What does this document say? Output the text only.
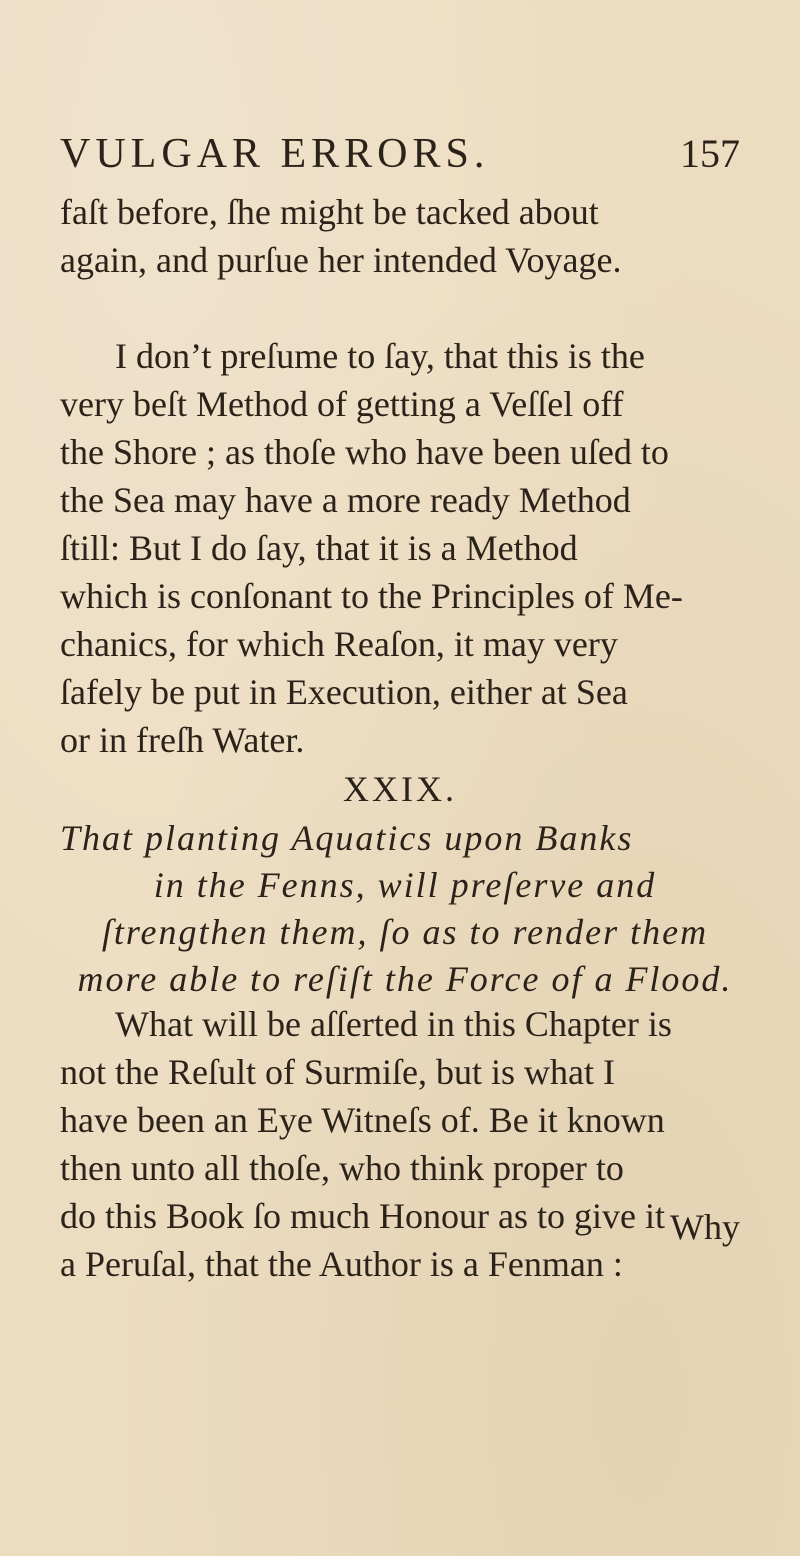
VULGAR ERRORS.	157

faſt before, ſhe might be tacked about
again, and purſue her intended Voyage.

I don’t preſume to ſay, that this is the
very beſt Method of getting a Veſſel off
the Shore ; as thoſe who have been uſed to
the Sea may have a more ready Method
ſtill: But I do ſay, that it is a Method
which is conſonant to the Principles of Me-
chanics, for which Reaſon, it may very
ſafely be put in Execution, either at Sea
or in freſh Water.

XXIX.

That planting Aquatics upon Banks
in the Fenns, will preſerve and
ſtrengthen them, ſo as to render them
more able to reſiſt the Force of a Flood.

What will be aſſerted in this Chapter is
not the Reſult of Surmiſe, but is what I
have been an Eye Witneſs of. Be it known
then unto all thoſe, who think proper to
do this Book ſo much Honour as to give it
a Peruſal, that the Author is a Fenman :

Why
